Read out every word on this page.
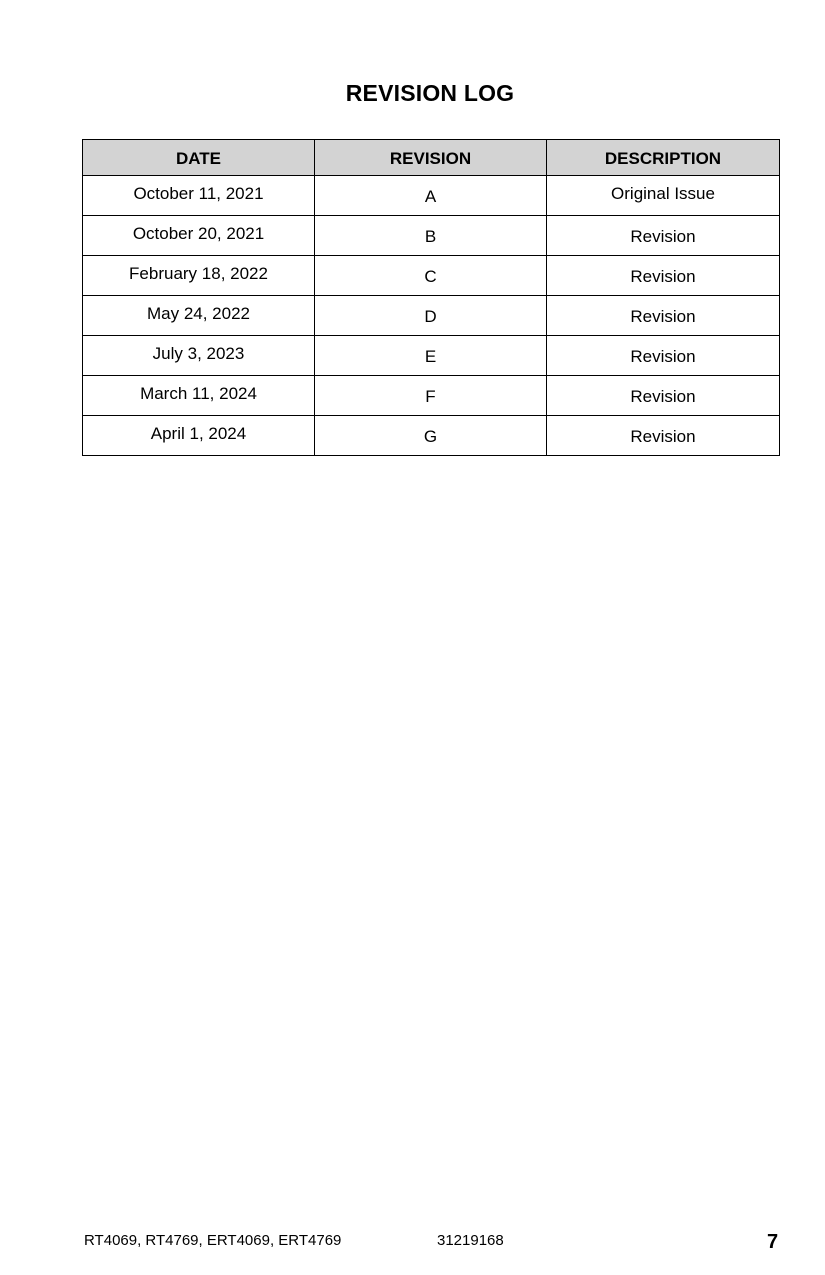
REVISION LOG
DATE	REVISION	DESCRIPTION
October 11, 2021	A	Original Issue
October 20, 2021	B	Revision
February 18, 2022	C	Revision
May 24, 2022	D	Revision
July 3, 2023	E	Revision
March 11, 2024	F	Revision
April 1, 2024	G	Revision
RT4069, RT4769, ERT4069, ERT4769	31219168	7
